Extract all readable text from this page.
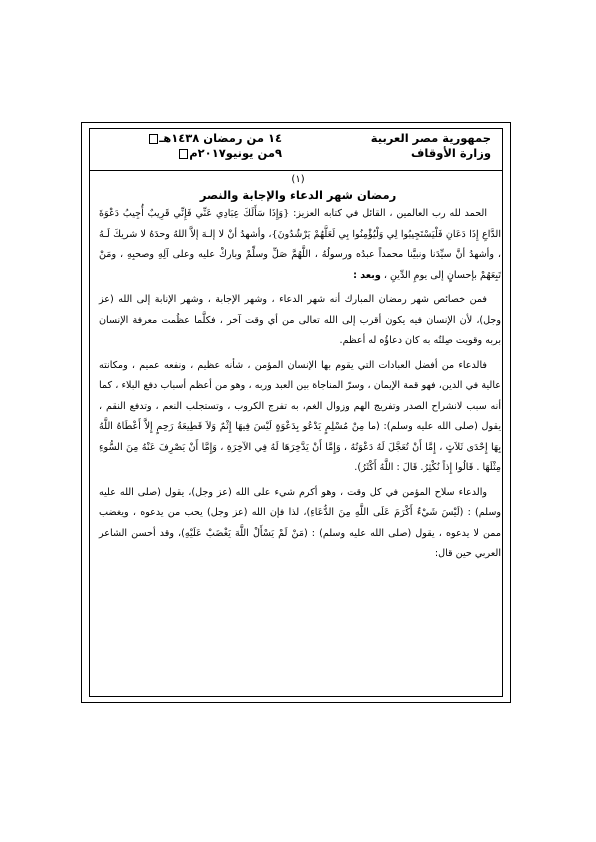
جمهورية مصر العربية
وزارة الأوقاف
١٤ من رمضان ١٤٣٨هـ
٩من يونيو٢٠١٧م
(١)
رمضان شهر الدعاء والإجابة والنصر

الحمد لله رب العالمين ، القائل في كتابه العزيز: {وَإِذَا سَأَلَكَ عِبَادِي عَنِّي فَإِنِّي قَرِيبٌ أُجِيبُ دَعْوَةَ الدَّاعِ إِذَا دَعَانِ فَلْيَسْتَجِيبُوا لِي وَلْيُؤْمِنُوا بِي لَعَلَّهُمْ يَرْشُدُونَ}، وأشهدُ أنْ لا إلـهَ إلاَّ اللهُ وحدَهُ لا شريكَ لَـهُ ، وأشهدُ أنَّ سيِّدَنا ونبيَّنا محمداً عبدُه ورسولُهُ ، اللَّهُمَّ صَلِّ وسلِّمْ وباركْ عليه وعلى آلِهِ وصحبِهِ ، ومَنْ تَبِعَهُمْ بإحسانٍ إلى يومِ الدِّينِ ، وبعد :

فمن خصائص شهر رمضان المبارك أنه شهر الدعاء ، وشهر الإجابة ، وشهر الإنابة إلى الله (عز وجل)، لأن الإنسان فيه يكون أقرب إلى الله تعالى من أي وقت آخر ، فكلَّما عظُمت معرفة الإنسان بربه وقويت صِلتُه به كان دعاؤُه له أعظم.

فالدعاء من أفضل العبادات التي يقوم بها الإنسان المؤمن ، شأنه عظيم ، ونفعه عميم ، ومكانته عالية في الدين، فهو قمة الإيمان ، وسرّ المناجاة بين العبد وربه ، وهو من أعظم أسباب دفع البلاء ، كما أنه سبب لانشراح الصدر وتفريج الهم وزوال الغم، به تفرج الكروب ، وتستجلب النعم ، وتدفع النقم ، يقول (صلى الله عليه وسلم): (ما مِنْ مُسْلِمٍ يَدْعُو بِدَعْوَةٍ لَيْسَ فِيهَا إِثْمٌ وَلاَ قَطِيعَةُ رَحِمٍ إِلاَّ أَعْطَاهُ اللَّهُ بِهَا إِحْدَى ثَلاَثٍ ، إِمَّا أَنْ تُعَجَّلَ لَهُ دَعْوَتُهُ ، وَإِمَّا أَنْ يَدَّخِرَهَا لَهُ فِي الآخِرَةِ ، وَإِمَّا أَنْ يَصْرِفَ عَنْهُ مِنَ السُّوءِ مِثْلَهَا . قَالُوا إِذاً نُكْثِرُ. قَالَ : اللَّهُ أَكْثَرُ).

والدعاء سلاح المؤمن في كل وقت ، وهو أكرم شيء على الله (عز وجل)، يقول (صلى الله عليه وسلم) : (لَيْسَ شَيْءٌ أَكْرَمَ عَلَى اللَّهِ مِنَ الدُّعَاءِ)، لذا فإن الله (عز وجل) يحب من يدعوه ، ويغضب ممن لا يدعوه ، يقول (صلى الله عليه وسلم) : (مَنْ لَمْ يَسْأَلْ اللَّهَ يَغْضَبْ عَلَيْهِ)، وقد أحسن الشاعر العربي حين قال:
